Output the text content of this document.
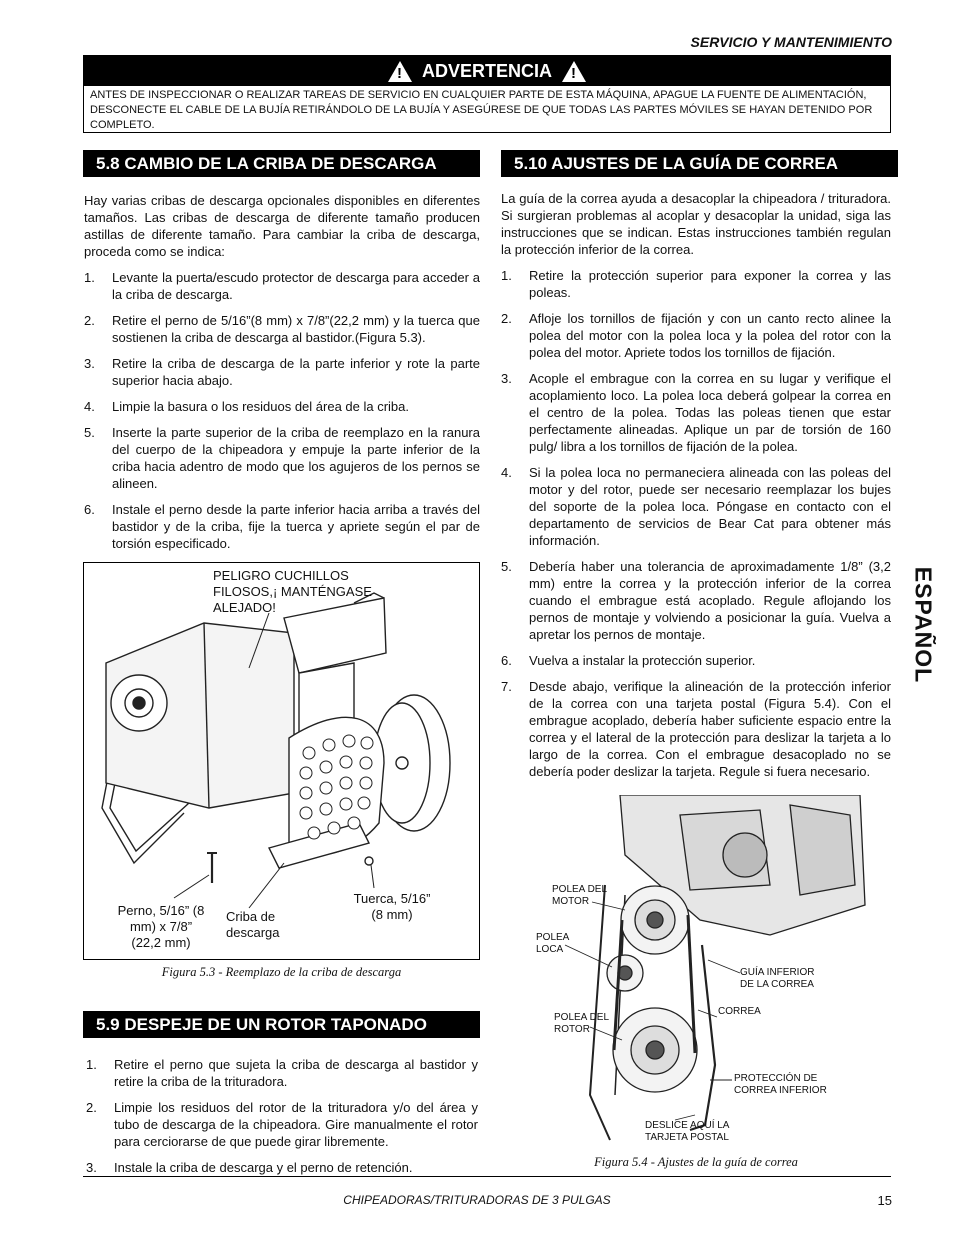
SERVICIO Y MANTENIMIENTO
! ADVERTENCIA !
ANTES DE INSPECCIONAR O REALIZAR TAREAS DE SERVICIO EN CUALQUIER PARTE DE ESTA MÁQUINA, APAGUE LA FUENTE DE ALIMENTACIÓN, DESCONECTE EL CABLE DE LA BUJÍA RETIRÁNDOLO DE LA BUJÍA Y ASEGÚRESE DE QUE TODAS LAS PARTES MÓVILES SE HAYAN DETENIDO POR COMPLETO.
5.8 CAMBIO DE LA CRIBA DE DESCARGA

Hay varias cribas de descarga opcionales disponibles en diferentes tamaños. Las cribas de descarga de diferente tamaño producen astillas de diferente tamaño. Para cambiar la criba de descarga, proceda como se indica:

1. Levante la puerta/escudo protector de descarga para acceder a la criba de descarga.
2. Retire el perno de 5/16”(8 mm) x 7/8”(22,2 mm) y la tuerca que sostienen la criba de descarga al bastidor.(Figura 5.3).
3. Retire la criba de descarga de la parte inferior y rote la parte superior hacia abajo.
4. Limpie la basura o los residuos del área de la criba.
5. Inserte la parte superior de la criba de reemplazo en la ranura del cuerpo de la chipeadora y empuje la parte inferior de la criba hacia adentro de modo que los agujeros de los pernos se alineen.
6. Instale el perno desde la parte inferior hacia arriba a través del bastidor y de la criba, fije la tuerca y apriete según el par de torsión especificado.
PELIGRO CUCHILLOS FILOSOS,¡ MANTÉNGASE ALEJADO!
Perno, 5/16” (8 mm) x 7/8” (22,2 mm)
Criba de descarga
Tuerca, 5/16” (8 mm)
Figura 5.3 - Reemplazo de la criba de descarga
5.9 DESPEJE DE UN ROTOR TAPONADO
1. Retire el perno que sujeta la criba de descarga al bastidor y retire la criba de la trituradora.
2. Limpie los residuos del rotor de la trituradora y/o del área y tubo de descarga de la chipeadora. Gire manualmente el rotor para cerciorarse de que puede girar libremente.
3. Instale la criba de descarga y el perno de retención.
5.10 AJUSTES DE LA GUÍA DE CORREA

La guía de la correa ayuda a desacoplar la chipeadora / trituradora. Si surgieran problemas al acoplar y desacoplar la unidad, siga las instrucciones que se indican. Estas instrucciones también regulan la protección inferior de la correa.

1. Retire la protección superior para exponer la correa y las poleas.
2. Afloje los tornillos de fijación y con un canto recto alinee la polea del motor con la polea loca y la polea del rotor con la polea del motor. Apriete todos los tornillos de fijación.
3. Acople el embrague con la correa en su lugar y verifique el acoplamiento loco. La polea loca deberá golpear la correa en el centro de la polea. Todas las poleas tienen que estar perfectamente alineadas. Aplique un par de torsión de 160 pulg/ libra a los tornillos de fijación de la polea.
4. Si la polea loca no permaneciera alineada con las poleas del motor y del rotor, puede ser necesario reemplazar los bujes del soporte de la polea loca. Póngase en contacto con el departamento de servicios de Bear Cat para obtener más información.
5. Debería haber una tolerancia de aproximadamente 1/8” (3,2 mm) entre la correa y la protección inferior de la correa cuando el embrague está acoplado. Regule aflojando los pernos de montaje y volviendo a posicionar la guía. Vuelva a apretar los pernos de montaje.
6. Vuelva a instalar la protección superior.
7. Desde abajo, verifique la alineación de la protección inferior de la correa con una tarjeta postal (Figura 5.4). Con el embrague acoplado, debería haber suficiente espacio entre la correa y el lateral de la protección para deslizar la tarjeta a lo largo de la correa. Con el embrague desacoplado no se debería poder deslizar la tarjeta. Regule si fuera necesario.
POLEA DEL MOTOR
POLEA LOCA
GUÍA INFERIOR DE LA CORREA
CORREA
POLEA DEL ROTOR
PROTECCIÓN DE CORREA INFERIOR
DESLICE AQUÍ LA TARJETA POSTAL
Figura 5.4 - Ajustes de la guía de correa
ESPAÑOL
CHIPEADORAS/TRITURADORAS DE 3 PULGAS	15
